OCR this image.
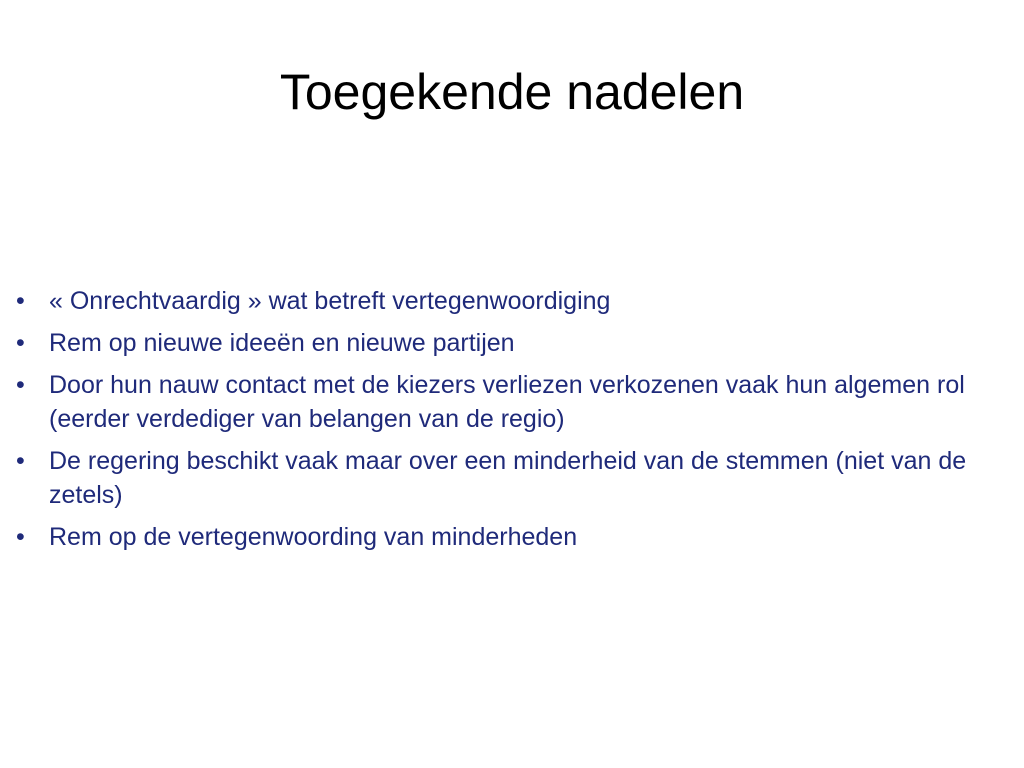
Toegekende nadelen
• « Onrechtvaardig » wat betreft vertegenwoordiging
• Rem op nieuwe ideeën en nieuwe partijen
• Door hun nauw contact met de kiezers verliezen verkozenen vaak hun algemen rol (eerder verdediger van belangen van de regio)
• De regering beschikt vaak maar over een minderheid van de stemmen (niet van de zetels)
• Rem op de vertegenwoording van minderheden
